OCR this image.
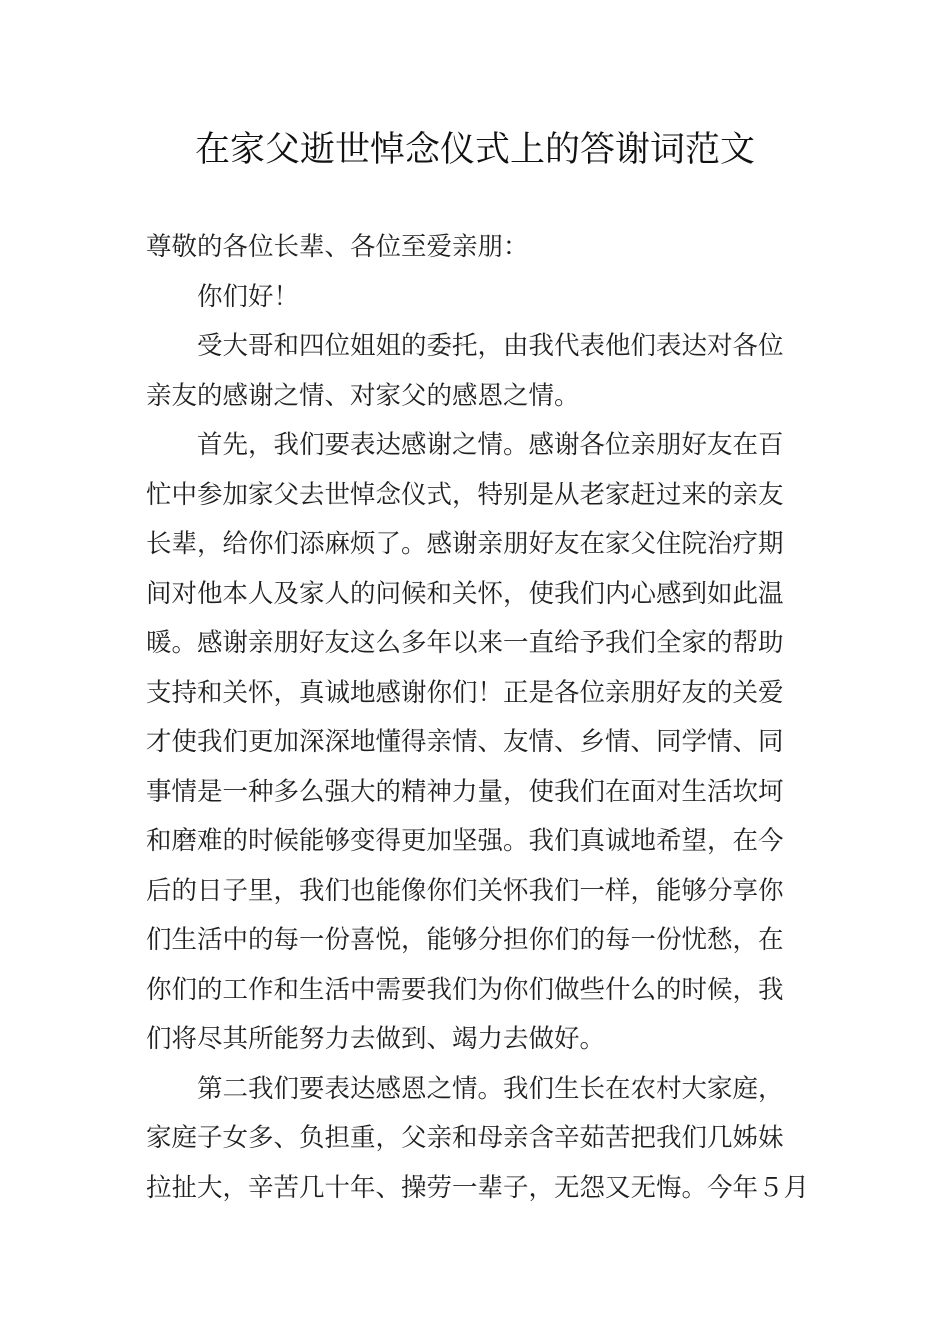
在家父逝世悼念仪式上的答谢词范文

尊敬的各位长辈、各位至爱亲朋：

你们好！

受大哥和四位姐姐的委托，由我代表他们表达对各位
亲友的感谢之情、对家父的感恩之情。

首先，我们要表达感谢之情。感谢各位亲朋好友在百
忙中参加家父去世悼念仪式，特别是从老家赶过来的亲友
长辈，给你们添麻烦了。感谢亲朋好友在家父住院治疗期
间对他本人及家人的问候和关怀，使我们内心感到如此温
暖。感谢亲朋好友这么多年以来一直给予我们全家的帮助
支持和关怀，真诚地感谢你们！正是各位亲朋好友的关爱
才使我们更加深深地懂得亲情、友情、乡情、同学情、同
事情是一种多么强大的精神力量，使我们在面对生活坎坷
和磨难的时候能够变得更加坚强。我们真诚地希望，在今
后的日子里，我们也能像你们关怀我们一样，能够分享你
们生活中的每一份喜悦，能够分担你们的每一份忧愁，在
你们的工作和生活中需要我们为你们做些什么的时候，我
们将尽其所能努力去做到、竭力去做好。

第二我们要表达感恩之情。我们生长在农村大家庭，
家庭子女多、负担重，父亲和母亲含辛茹苦把我们几姊妹
拉扯大，辛苦几十年、操劳一辈子，无怨又无悔。今年５月
